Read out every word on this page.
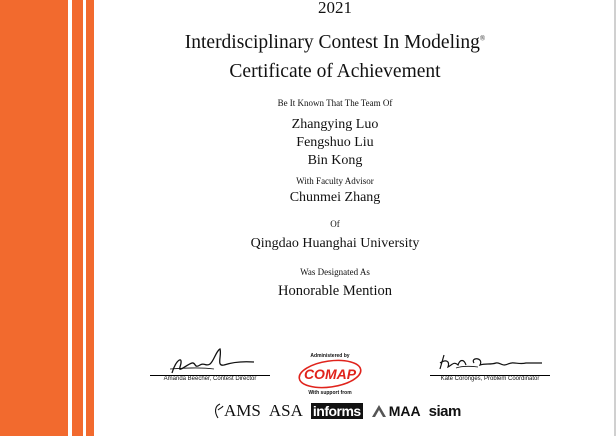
2021
Interdisciplinary Contest In Modeling®
Certificate of Achievement
Be It Known That The Team Of
Zhangying Luo
Fengshuo Liu
Bin Kong
With Faculty Advisor
Chunmei Zhang
Of
Qingdao Huanghai University
Was Designated As
Honorable Mention
Amanda Beecher, Contest Director	Kate Coronges, Problem Coordinator
Administered by
COMAP
With support from
AMS ASA informs MAA siam
